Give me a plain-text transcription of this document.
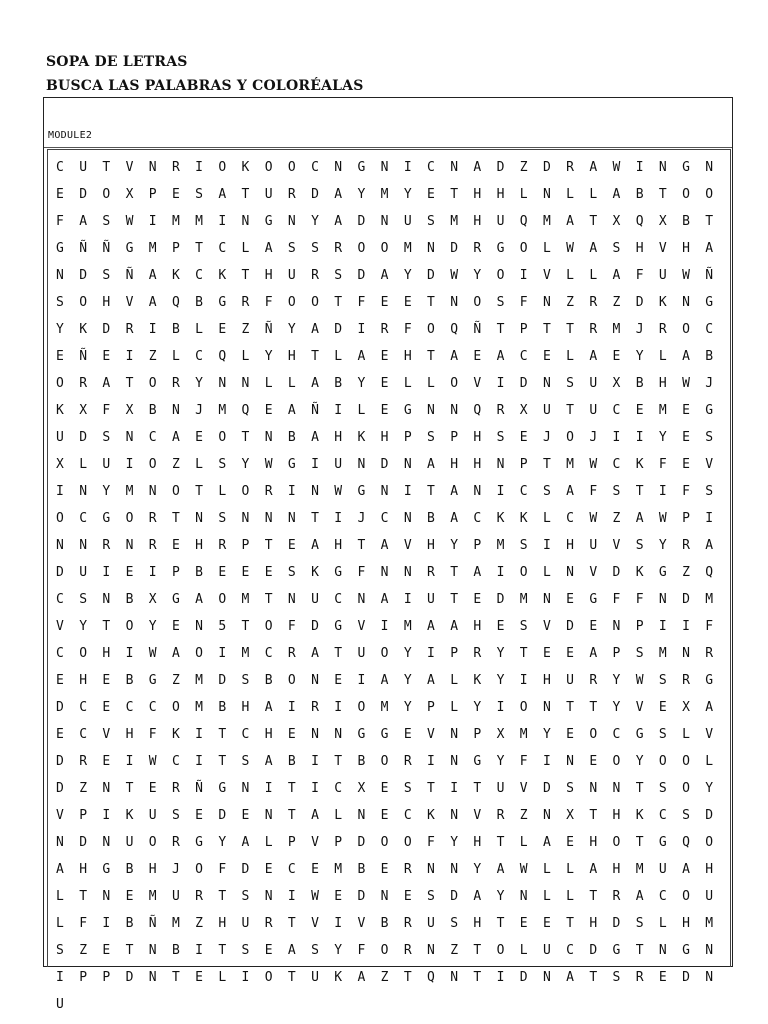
SOPA DE LETRAS
BUSCA LAS PALABRAS Y COLORÉALAS
MODULE2
C	U	T	V	N	R	I	O	K	O	O	C	N	G	N	I	C	N	A	D	Z	D	R	A	W	I	N	G	N
E	D	O	X	P	E	S	A	T	U	R	D	A	Y	M	Y	E	T	H	H	L	N	L	L	A	B	T	O	O
F	A	S	W	I	M	M	I	N	G	N	Y	A	D	N	U	S	M	H	U	Q	M	A	T	X	Q	X	B	T
G	Ñ	Ñ	G	M	P	T	C	L	A	S	S	R	O	O	M	N	D	R	G	O	L	W	A	S	H	V	H	A
N	D	S	Ñ	A	K	C	K	T	H	U	R	S	D	A	Y	D	W	Y	O	I	V	L	L	A	F	U	W	Ñ
S	O	H	V	A	Q	B	G	R	F	O	O	T	F	E	E	T	N	O	S	F	N	Z	R	Z	D	K	N	G
Y	K	D	R	I	B	L	E	Z	Ñ	Y	A	D	I	R	F	O	Q	Ñ	T	P	T	T	R	M	J	R	O	C
E	Ñ	E	I	Z	L	C	Q	L	Y	H	T	L	A	E	H	T	A	E	A	C	E	L	A	E	Y	L	A	B
O	R	A	T	O	R	Y	N	N	L	L	A	B	Y	E	L	L	O	V	I	D	N	S	U	X	B	H	W	J
K	X	F	X	B	N	J	M	Q	E	A	Ñ	I	L	E	G	N	N	Q	R	X	U	T	U	C	E	M	E	G
U	D	S	N	C	A	E	O	T	N	B	A	H	K	H	P	S	P	H	S	E	J	O	J	I	I	Y	E	S
X	L	U	I	O	Z	L	S	Y	W	G	I	U	N	D	N	A	H	H	N	P	T	M	W	C	K	F	E	V
I	N	Y	M	N	O	T	L	O	R	I	N	W	G	N	I	T	A	N	I	C	S	A	F	S	T	I	F	S
O	C	G	O	R	T	N	S	N	N	N	T	I	J	C	N	B	A	C	K	K	L	C	W	Z	A	W	P	I
N	N	R	N	R	E	H	R	P	T	E	A	H	T	A	V	H	Y	P	M	S	I	H	U	V	S	Y	R	A
D	U	I	E	I	P	B	E	E	E	S	K	G	F	N	N	R	T	A	I	O	L	N	V	D	K	G	Z	Q
C	S	N	B	X	G	A	O	M	T	N	U	C	N	A	I	U	T	E	D	M	N	E	G	F	F	N	D	M
V	Y	T	O	Y	E	N	5	T	O	F	D	G	V	I	M	A	A	H	E	S	V	D	E	N	P	I	I	F
C	O	H	I	W	A	O	I	M	C	R	A	T	U	O	Y	I	P	R	Y	T	E	E	A	P	S	M	N	R
E	H	E	B	G	Z	M	D	S	B	O	N	E	I	A	Y	A	L	K	Y	I	H	U	R	Y	W	S	R	G
D	C	E	C	C	O	M	B	H	A	I	R	I	O	M	Y	P	L	Y	I	O	N	T	T	Y	V	E	X	A
E	C	V	H	F	K	I	T	C	H	E	N	N	G	G	E	V	N	P	X	M	Y	E	O	C	G	S	L	V
D	R	E	I	W	C	I	T	S	A	B	I	T	B	O	R	I	N	G	Y	F	I	N	E	O	Y	O	O	L
D	Z	N	T	E	R	Ñ	G	N	I	T	I	C	X	E	S	T	I	T	U	V	D	S	N	N	T	S	O	Y
V	P	I	K	U	S	E	D	E	N	T	A	L	N	E	C	K	N	V	R	Z	N	X	T	H	K	C	S	D
N	D	N	U	O	R	G	Y	A	L	P	V	P	D	O	O	F	Y	H	T	L	A	E	H	O	T	G	Q	O
A	H	G	B	H	J	O	F	D	E	C	E	M	B	E	R	N	N	Y	A	W	L	L	A	H	M	U	A	H
L	T	N	E	M	U	R	T	S	N	I	W	E	D	N	E	S	D	A	Y	N	L	L	T	R	A	C	O	U
L	F	I	B	Ñ	M	Z	H	U	R	T	V	I	V	B	R	U	S	H	T	E	E	T	H	D	S	L	H	M
S	Z	E	T	N	B	I	T	S	E	A	S	Y	F	O	R	N	Z	T	O	L	U	C	D	G	T	N	G	N
I	P	P	D	N	T	E	L	I	O	T	U	K	A	Z	T	Q	N	T	I	D	N	A	T	S	R	E	D	N
U
